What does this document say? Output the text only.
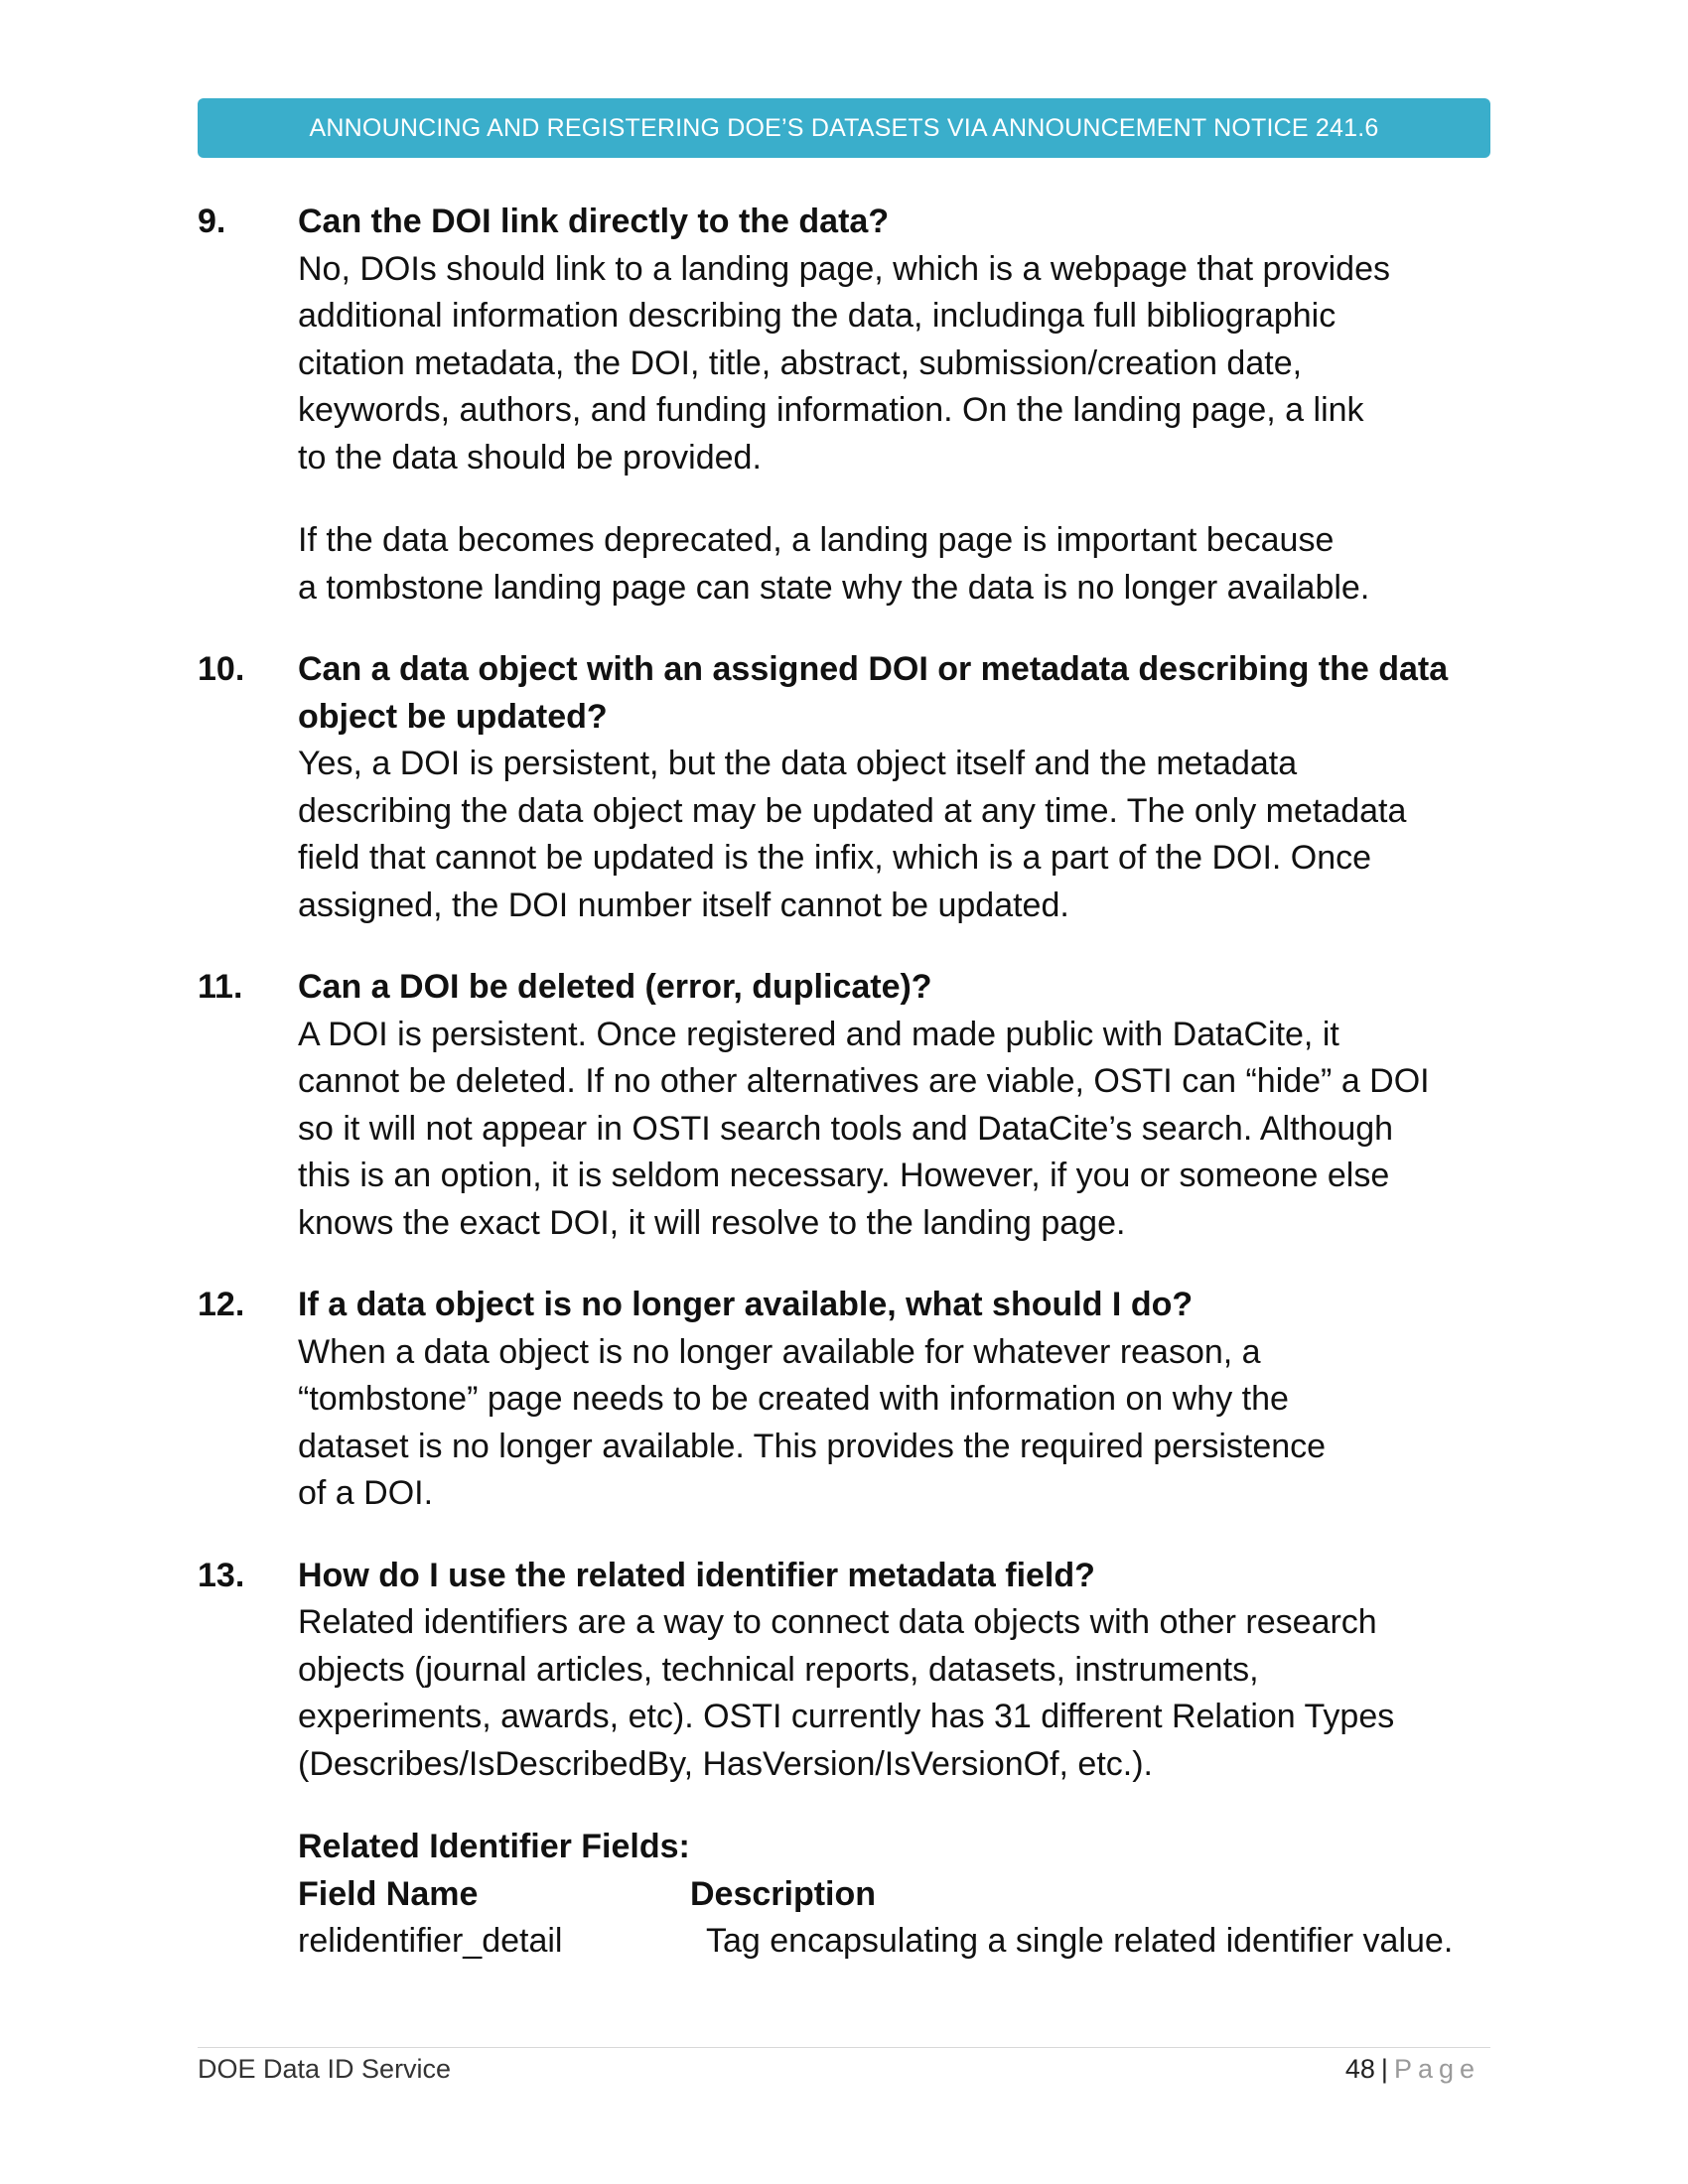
ANNOUNCING AND REGISTERING DOE’S DATASETS VIA ANNOUNCEMENT NOTICE 241.6
9. Can the DOI link directly to the data?
No, DOIs should link to a landing page, which is a webpage that provides
additional information describing the data, includinga full bibliographic
citation metadata, the DOI, title, abstract, submission/creation date,
keywords, authors, and funding information. On the landing page, a link
to the data should be provided.
If the data becomes deprecated, a landing page is important because
a tombstone landing page can state why the data is no longer available.
10. Can a data object with an assigned DOI or metadata describing the data
object be updated?
Yes, a DOI is persistent, but the data object itself and the metadata
describing the data object may be updated at any time. The only metadata
field that cannot be updated is the infix, which is a part of the DOI. Once
assigned, the DOI number itself cannot be updated.
11. Can a DOI be deleted (error, duplicate)?
A DOI is persistent. Once registered and made public with DataCite, it
cannot be deleted. If no other alternatives are viable, OSTI can “hide” a DOI
so it will not appear in OSTI search tools and DataCite’s search. Although
this is an option, it is seldom necessary. However, if you or someone else
knows the exact DOI, it will resolve to the landing page.
12. If a data object is no longer available, what should I do?
When a data object is no longer available for whatever reason, a
“tombstone” page needs to be created with information on why the
dataset is no longer available. This provides the required persistence
of a DOI.
13. How do I use the related identifier metadata field?
Related identifiers are a way to connect data objects with other research
objects (journal articles, technical reports, datasets, instruments,
experiments, awards, etc). OSTI currently has 31 different Relation Types
(Describes/IsDescribedBy, HasVersion/IsVersionOf, etc.).
Related Identifier Fields:
Field Name	Description
relidentifier_detail	Tag encapsulating a single related identifier value.
DOE Data ID Service	48 | Page
